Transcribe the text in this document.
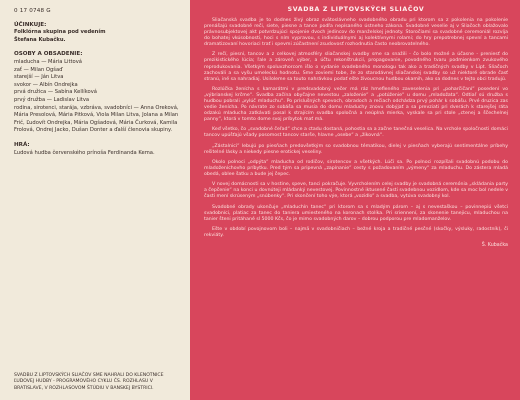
0 17 0748 G
ÚČINKUJE:
Folklórna skupina pod vedením
Štefana Kubačku.
OSOBY A OBSADENIE:
mladucha — Mária Littová
zať — Milan Ogšaď
starejší — Ján Litva
svokor — Albín Ondrejka
prvá družica — Sabína Kellíková
prvý družba — Ladislav Litva
rodina, sirotenci, starája, vzbráva, svadobníci — Anna Oreková, Mária Presolová, Mária Pitková, Viola Milan Litva, Jolana a Milan Frič, Ľudovít Ondrejka, Mária Ogšadová, Mária Čurková, Kamila Frolová, Ondrej Jacko, Dušan Donter a ďalší členovia skupiny.
HRÁ:
Ľudová hudba červenského prínoša Ferdinanda Kema.
SVADBU Z LIPTOVSKÝCH SLIAČOV SME NAHRALI DO KLENOTNICE ĽUDOVEJ HUDBY - PROGRAMOVÉHO CYKLU ČS. ROZHLASU V BRATISLAVE, V ROZHLASOVOM ŠTÚDIU V BANSKEJ BYSTRICI.
SVADBA Z LIPTOVSKÝCH SLIAČOV

Sliačanská svadba je to dodnes živý obraz svätoslávneho svadobného obradu pri ktorom sa z pokolenia na pokolenie prenášajú svadobné reči, siete, piesne a tance podľa nepísaného ústneho zákona. Svadobné veselie aj v Sliačoch oblažovalo právnosubjektovej akt potvrdzujúci spojenie dvoch jedincov do manželskej jednoty. Storočiami sa svadobné ceremoniál rozvíja do bohatej vkúsobnosti, hoci s ním vypravou, s individuálnymi aj kolektívnymi rolami; do hry prepotrebnej spevní a tancami dramatizovaní hovoriaci trať i spevmi zúčastnení zsudovosť rozhodnutia často neobrovatelného.

Z rečí, piesní, tancov a z celkovej atmosféry sliačanskej svadby sme sa snažili - čo bolo možné a účasne - preniesť do prezikistického lúcia; ľale a zároveň výber, a účtu rekonštrukcií, propagovanie, povodného tvaru podmienkom zvukového reprodukovania. Všetkým spoluvzhorcom išlo o vydanie svadebného monologu tak ako a tradičných svadby v Lipt. Sliačoch zachováli a sa vyšu umeleckú hodnotu. Sme zoviemi tobe, že zo starodávnej sliačanskej svadby so už niektoré obrade časť stranú, iné sa nahradiaj. Usiloleme sa touto nahrávkou podať ešte živoucnou hudbou okamih, ako sa dodnes v tejto obci tradujú.

Rozlúčka ženícha s kamarátmi v predsvadobný večer má ráz hmefleného zaveselenia pri „poharčičaní“ posedení vo „výbrianskej krčme“. Svadba začína obyčajne nevestou „založenie“ a „potúženie“ u domu „mladožata“. Odtiaľ sú družba s hudbou pobrali „vylúč mladuchu“. Po príslušných spevoch, obradoch a rečiach odchádza prvý pohár k sobášu. Prvé druzica zas vedie ženícha. Po návrate zo sobáša sa musia do domu mladuchy znovu dobýjať a sa prevziati pri dverách k starejšej ráta odzakú mladucha zatkávati posal k strajícím svadba spoločná a neúplná mierka, vyskale sa pri stole „ctenej a ščechelnej panny“, ktorá v tomto dome svoj príbytok mať má.

Keď všetko, čo „svadobné čeľad“ chce a ctadu dostaná, pohostia sa a začne tanečná veselica. Na vrchole spoločnosti domáci tancov upúšťajú všady posomost tancov starše, hlavne „osebe“ a „žikovná“.

„Zástalnici“ lebujú po piesňach predovšetkým so svadobnou tématikou, dielej v piesňach vyberajú sentimentálne príbehy rešitelné lásky a niekedy piesne erotickej veseliny.

Okolo polnoci „odpýta“ mladucha od rodičov, sirotencov a všetkých. Lúči sa. Po polnoci rozpíšali svadobnú podobu do mladoženíchovho príbytku. Pred tým sa pripevná „zapínanie“ cesty s požadovaním „výmeny“ za mladuchu. Do zástera mladá obedá, oblee šatku a bude jej čepec.

V novej domácnosti sa v hostine, speve, tanci pokračuje. Vyvrcholením celej svadby je svadobná ceremónia „skládania party a čepčenie“ na konci u dovnúteji mládanký nevestovej. Povinnostné iktusené časti svadebnou vozidlom, kde sa moc bol nedele v časti mení skrúseným „snúbenky“. Pri skončení toho výe, ktorá „vozidlo“ a svadba, vytúva svadobný kol.

Svadobné obrady ukončuje „mladuchín tanec“ pri ktorom sa s mladým párom – aj s nevestaškou – povinnepiú všetci svadobníci, platiac za tanec do taniera umiesteného na koronach stolíka. Pri sriennení, za skonenie tanejicu, mladuchou na tanier šteni pritáhané sl 5000 Kčs, čo je mimo svadobných darov – dobrou podporou pre mladomanželov.

Ešte v období povojnovom boli – najmä v svadobničiach – bežné kroja a tradičné pesčné (skočky, výsluky, radostník), či rekviáty.

Š. Kubačka
